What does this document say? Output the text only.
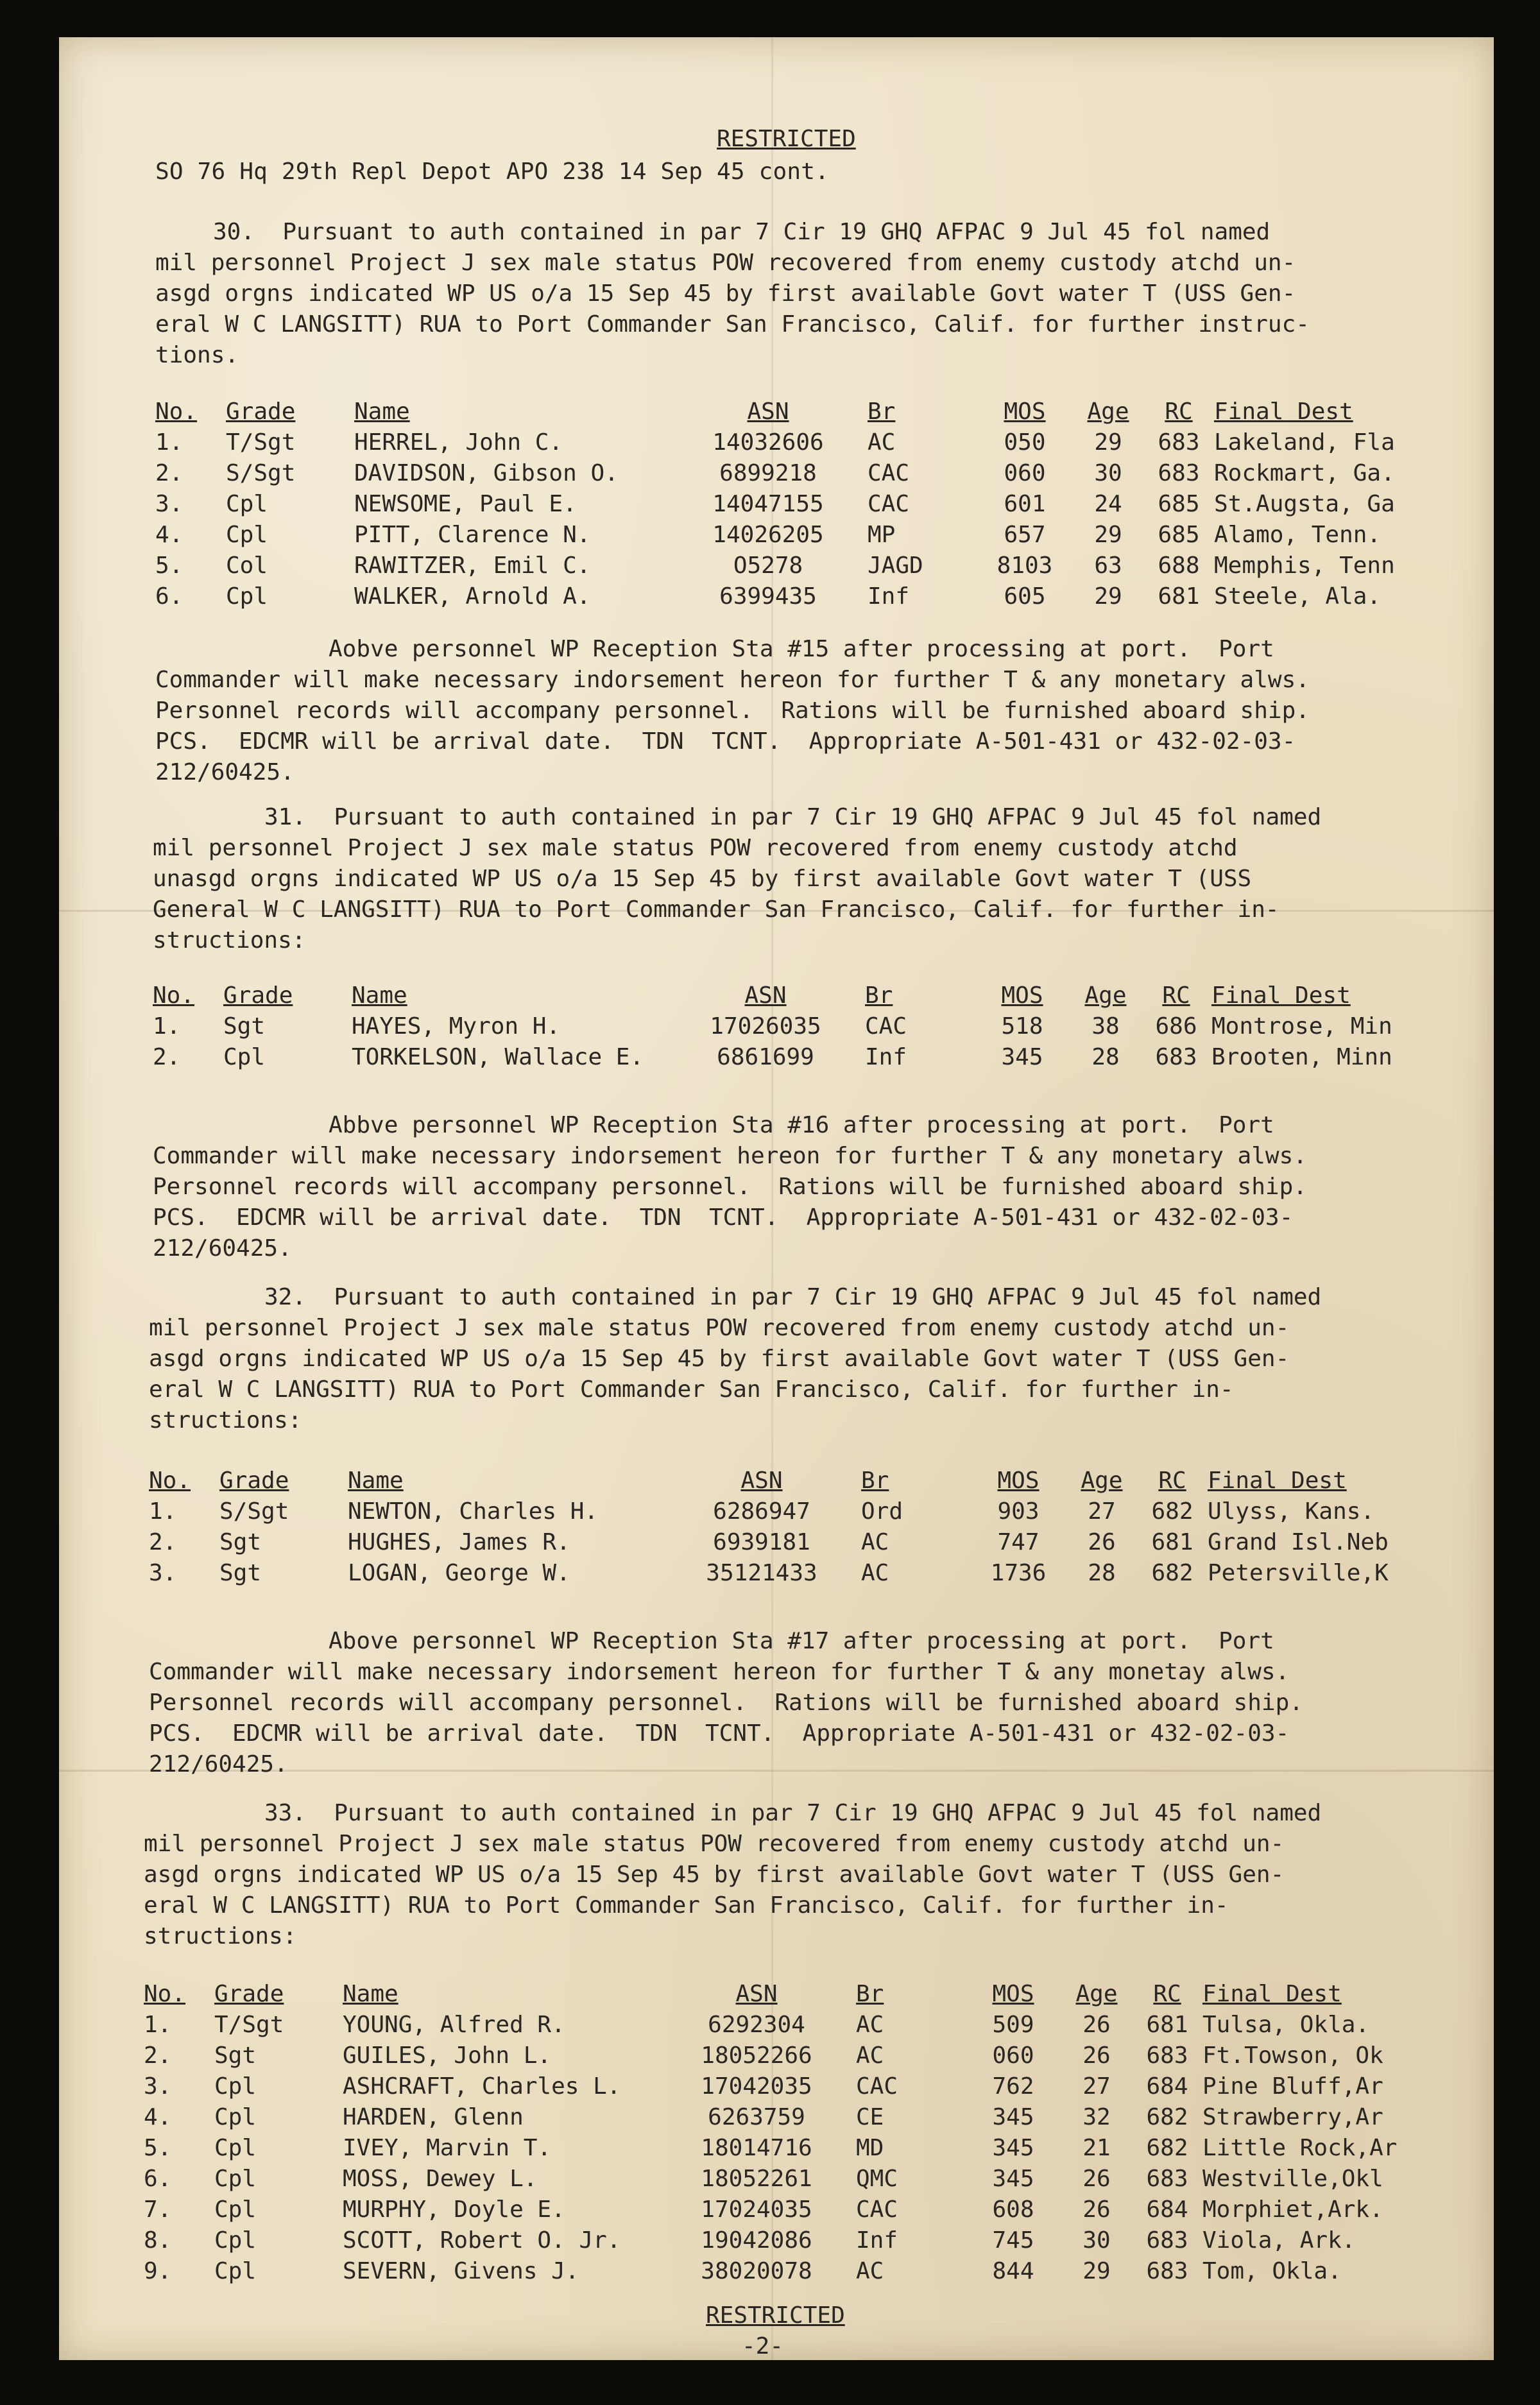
RESTRICTED
SO 76 Hq 29th Repl Depot APO 238 14 Sep 45 cont.
30.  Pursuant to auth contained in par 7 Cir 19 GHQ AFPAC 9 Jul 45 fol named
mil personnel Project J sex male status POW recovered from enemy custody atchd un-
asgd orgns indicated WP US o/a 15 Sep 45 by first available Govt water T (USS Gen-
eral W C LANGSITT) RUA to Port Commander San Francisco, Calif. for further instruc-
tions.
No.	Grade	Name	ASN	Br	MOS	Age	RC	Final Dest
1.	T/Sgt	HERREL, John C.	14032606	AC	050	29	683	Lakeland, Fla
2.	S/Sgt	DAVIDSON, Gibson O.	6899218	CAC	060	30	683	Rockmart, Ga.
3.	Cpl	NEWSOME, Paul E.	14047155	CAC	601	24	685	St.Augsta, Ga
4.	Cpl	PITT, Clarence N.	14026205	MP	657	29	685	Alamo, Tenn.
5.	Col	RAWITZER, Emil C.	O5278	JAGD	8103	63	688	Memphis, Tenn
6.	Cpl	WALKER, Arnold A.	6399435	Inf	605	29	681	Steele, Ala.
Aobve personnel WP Reception Sta #15 after processing at port.  Port
Commander will make necessary indorsement hereon for further T & any monetary alws.
Personnel records will accompany personnel.  Rations will be furnished aboard ship.
PCS.  EDCMR will be arrival date.  TDN  TCNT.  Appropriate A-501-431 or 432-02-03-
212/60425.
31.  Pursuant to auth contained in par 7 Cir 19 GHQ AFPAC 9 Jul 45 fol named
mil personnel Project J sex male status POW recovered from enemy custody atchd
unasgd orgns indicated WP US o/a 15 Sep 45 by first available Govt water T (USS
General W C LANGSITT) RUA to Port Commander San Francisco, Calif. for further in-
structions:
No.	Grade	Name	ASN	Br	MOS	Age	RC	Final Dest
1.	Sgt	HAYES, Myron H.	17026035	CAC	518	38	686	Montrose, Min
2.	Cpl	TORKELSON, Wallace E.	6861699	Inf	345	28	683	Brooten, Minn
Abbve personnel WP Reception Sta #16 after processing at port.  Port
Commander will make necessary indorsement hereon for further T & any monetary alws.
Personnel records will accompany personnel.  Rations will be furnished aboard ship.
PCS.  EDCMR will be arrival date.  TDN  TCNT.  Appropriate A-501-431 or 432-02-03-
212/60425.
32.  Pursuant to auth contained in par 7 Cir 19 GHQ AFPAC 9 Jul 45 fol named
mil personnel Project J sex male status POW recovered from enemy custody atchd un-
asgd orgns indicated WP US o/a 15 Sep 45 by first available Govt water T (USS Gen-
eral W C LANGSITT) RUA to Port Commander San Francisco, Calif. for further in-
structions:
No.	Grade	Name	ASN	Br	MOS	Age	RC	Final Dest
1.	S/Sgt	NEWTON, Charles H.	6286947	Ord	903	27	682	Ulyss, Kans.
2.	Sgt	HUGHES, James R.	6939181	AC	747	26	681	Grand Isl.Neb
3.	Sgt	LOGAN, George W.	35121433	AC	1736	28	682	Petersville,K
Above personnel WP Reception Sta #17 after processing at port.  Port
Commander will make necessary indorsement hereon for further T & any monetay alws.
Personnel records will accompany personnel.  Rations will be furnished aboard ship.
PCS.  EDCMR will be arrival date.  TDN  TCNT.  Appropriate A-501-431 or 432-02-03-
212/60425.
33.  Pursuant to auth contained in par 7 Cir 19 GHQ AFPAC 9 Jul 45 fol named
mil personnel Project J sex male status POW recovered from enemy custody atchd un-
asgd orgns indicated WP US o/a 15 Sep 45 by first available Govt water T (USS Gen-
eral W C LANGSITT) RUA to Port Commander San Francisco, Calif. for further in-
structions:
No.	Grade	Name	ASN	Br	MOS	Age	RC	Final Dest
1.	T/Sgt	YOUNG, Alfred R.	6292304	AC	509	26	681	Tulsa, Okla.
2.	Sgt	GUILES, John L.	18052266	AC	060	26	683	Ft.Towson, Ok
3.	Cpl	ASHCRAFT, Charles L.	17042035	CAC	762	27	684	Pine Bluff,Ar
4.	Cpl	HARDEN, Glenn	6263759	CE	345	32	682	Strawberry,Ar
5.	Cpl	IVEY, Marvin T.	18014716	MD	345	21	682	Little Rock,Ar
6.	Cpl	MOSS, Dewey L.	18052261	QMC	345	26	683	Westville,Okl
7.	Cpl	MURPHY, Doyle E.	17024035	CAC	608	26	684	Morphiet,Ark.
8.	Cpl	SCOTT, Robert O. Jr.	19042086	Inf	745	30	683	Viola, Ark.
9.	Cpl	SEVERN, Givens J.	38020078	AC	844	29	683	Tom, Okla.
RESTRICTED
-2-
